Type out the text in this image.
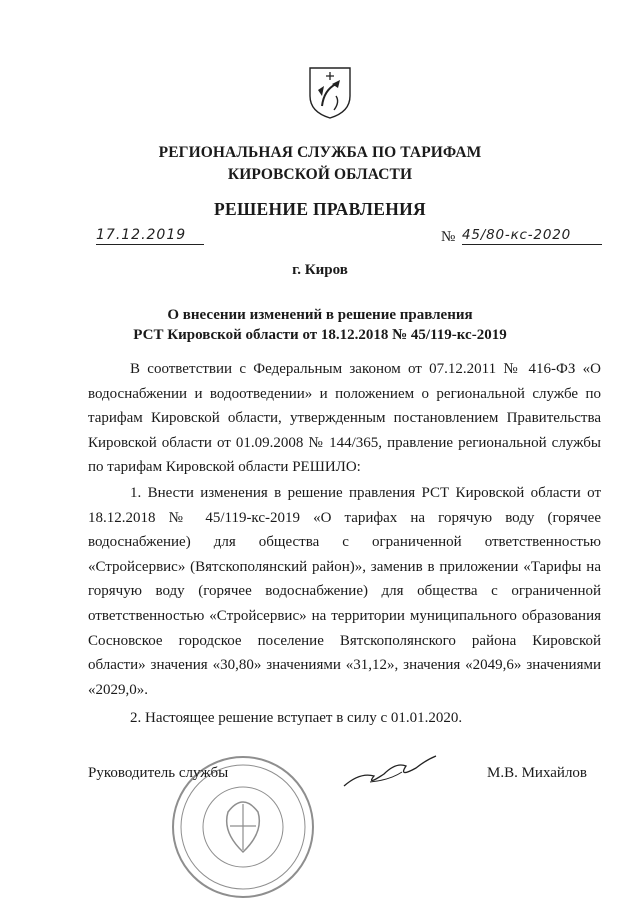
РЕГИОНАЛЬНАЯ СЛУЖБА ПО ТАРИФАМ
КИРОВСКОЙ ОБЛАСТИ
РЕШЕНИЕ ПРАВЛЕНИЯ
17.12.2019	№ 45/80-кс-2020
г. Киров
О внесении изменений в решение правления
РСТ Кировской области от 18.12.2018 № 45/119-кс-2019

В соответствии с Федеральным законом от 07.12.2011 № 416-ФЗ «О водоснабжении и водоотведении» и положением о региональной службе по тарифам Кировской области, утвержденным постановлением Правительства Кировской области от 01.09.2008 № 144/365, правление региональной службы по тарифам Кировской области РЕШИЛО:

1. Внести изменения в решение правления РСТ Кировской области от 18.12.2018 № 45/119-кс-2019 «О тарифах на горячую воду (горячее водоснабжение) для общества с ограниченной ответственностью «Стройсервис» (Вятскополянский район)», заменив в приложении «Тарифы на горячую воду (горячее водоснабжение) для общества с ограниченной ответственностью «Стройсервис» на территории муниципального образования Сосновское городское поселение Вятскополянского района Кировской области» значения «30,80» значениями «31,12», значения «2049,6» значениями «2029,0».

2. Настоящее решение вступает в силу с 01.01.2020.

Руководитель службы	М.В. Михайлов
